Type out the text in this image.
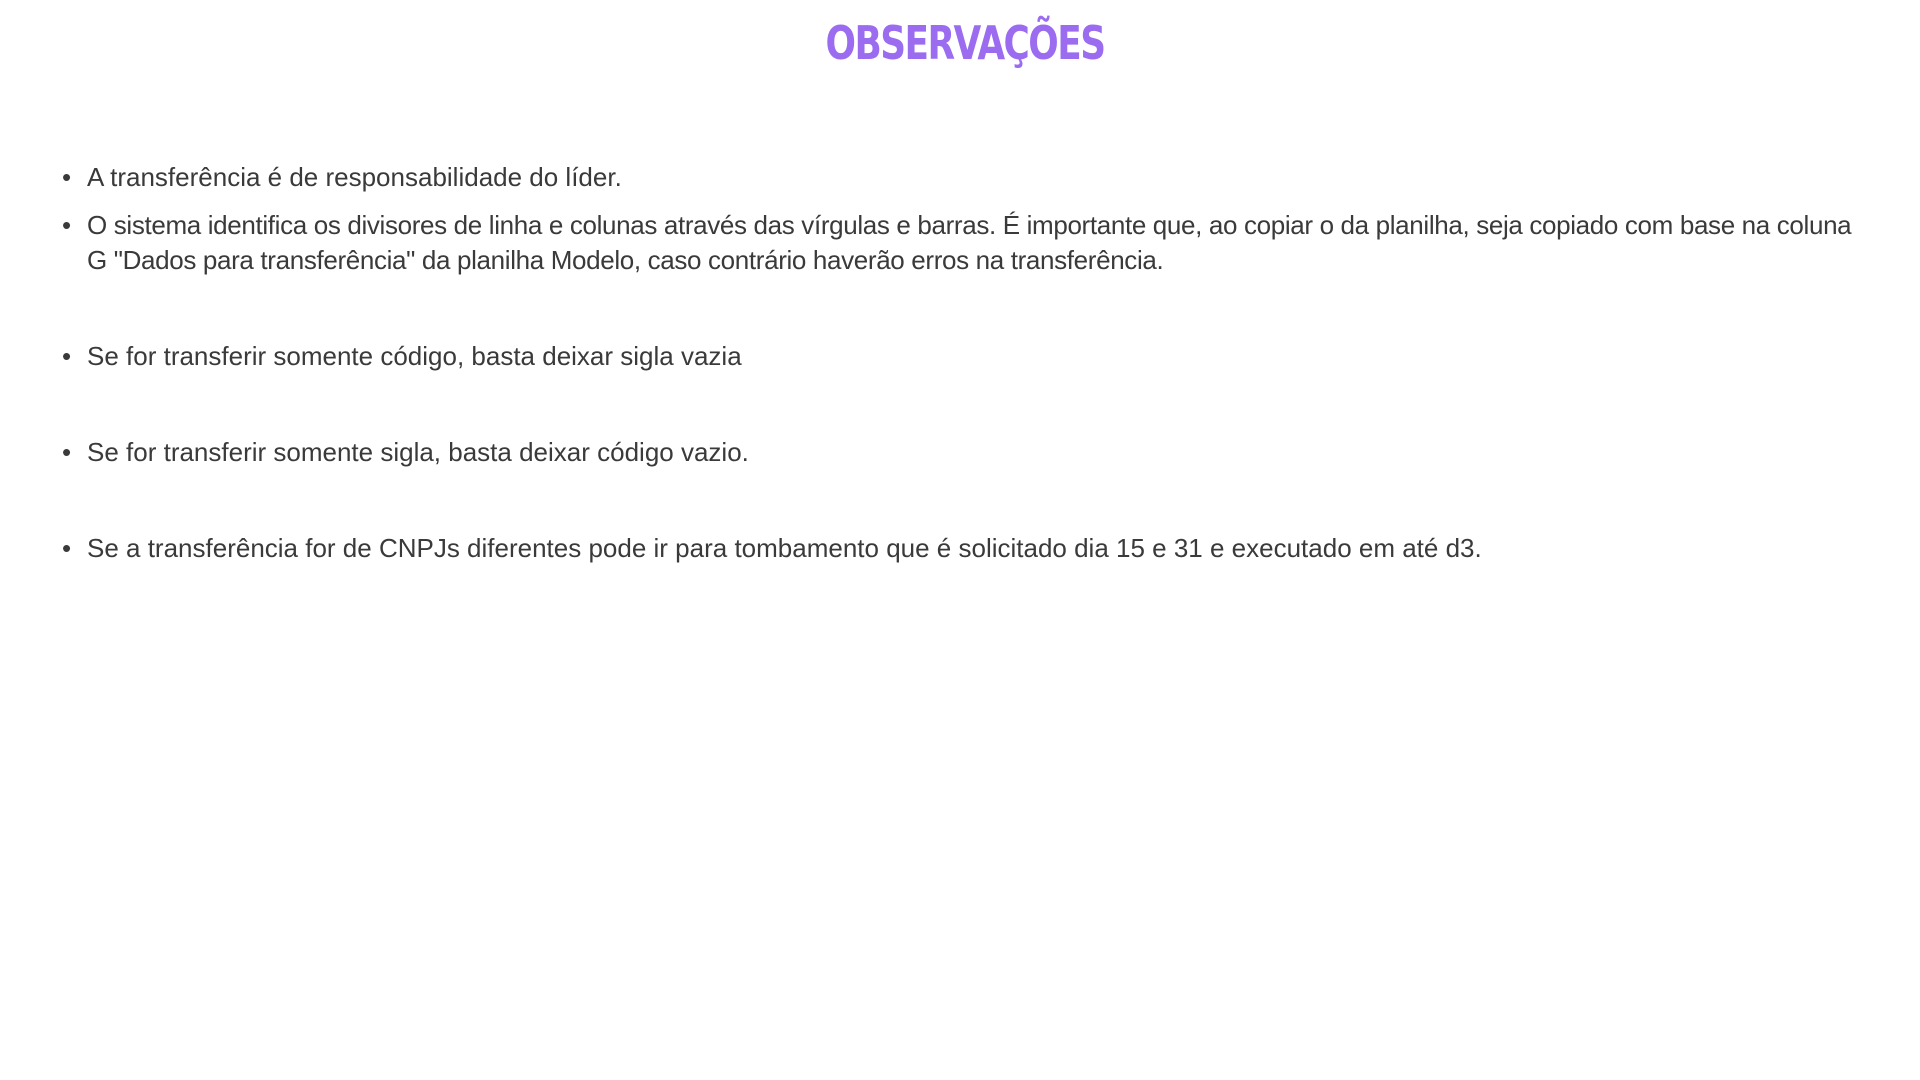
OBSERVAÇÕES
• A transferência é de responsabilidade do líder.
• O sistema identifica os divisores de linha e colunas através das vírgulas e barras. É importante que, ao copiar o da planilha, seja copiado com base na coluna G "Dados para transferência" da planilha Modelo, caso contrário haverão erros na transferência.
• Se for transferir somente código, basta deixar sigla vazia
• Se for transferir somente sigla, basta deixar código vazio.
• Se a transferência for de CNPJs diferentes pode ir para tombamento que é solicitado dia 15 e 31 e executado em até d3.
